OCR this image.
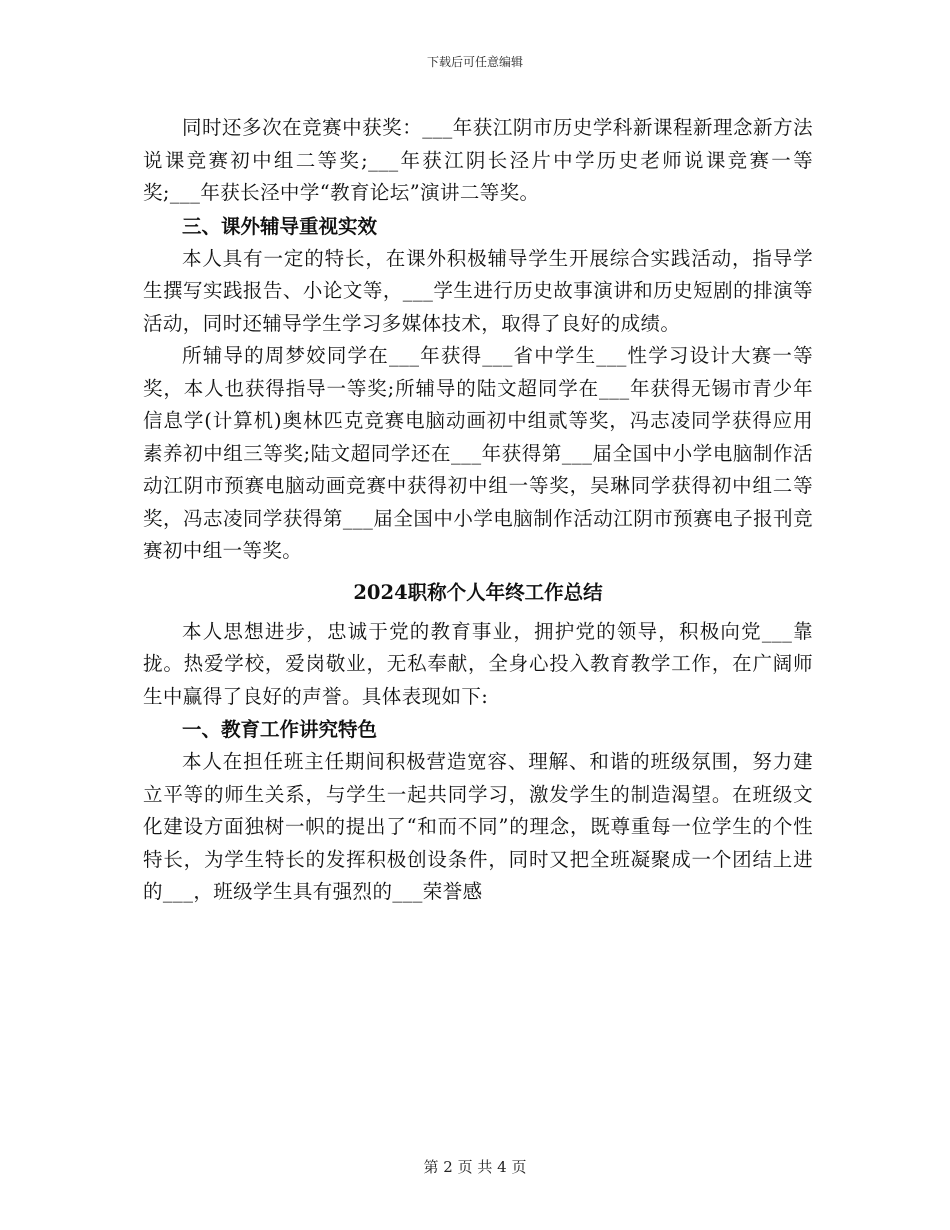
下载后可任意编辑

同时还多次在竞赛中获奖：___年获江阴市历史学科新课程新理念新方法说课竞赛初中组二等奖;___年获江阴长泾片中学历史老师说课竞赛一等奖;___年获长泾中学“教育论坛”演讲二等奖。

三、课外辅导重视实效

本人具有一定的特长，在课外积极辅导学生开展综合实践活动，指导学生撰写实践报告、小论文等，___学生进行历史故事演讲和历史短剧的排演等活动，同时还辅导学生学习多媒体技术，取得了良好的成绩。

所辅导的周梦姣同学在___年获得___省中学生___性学习设计大赛一等奖，本人也获得指导一等奖;所辅导的陆文超同学在___年获得无锡市青少年信息学(计算机)奥林匹克竞赛电脑动画初中组贰等奖，冯志凌同学获得应用素养初中组三等奖;陆文超同学还在___年获得第___届全国中小学电脑制作活动江阴市预赛电脑动画竞赛中获得初中组一等奖，吴琳同学获得初中组二等奖，冯志凌同学获得第___届全国中小学电脑制作活动江阴市预赛电子报刊竞赛初中组一等奖。

2024职称个人年终工作总结

本人思想进步，忠诚于党的教育事业，拥护党的领导，积极向党___靠拢。热爱学校，爱岗敬业，无私奉献，全身心投入教育教学工作，在广阔师生中赢得了良好的声誉。具体表现如下:

一、教育工作讲究特色

本人在担任班主任期间积极营造宽容、理解、和谐的班级氛围，努力建立平等的师生关系，与学生一起共同学习，激发学生的制造渴望。在班级文化建设方面独树一帜的提出了“和而不同”的理念，既尊重每一位学生的个性特长，为学生特长的发挥积极创设条件，同时又把全班凝聚成一个团结上进的___，班级学生具有强烈的___荣誉感

第 2 页 共 4 页
